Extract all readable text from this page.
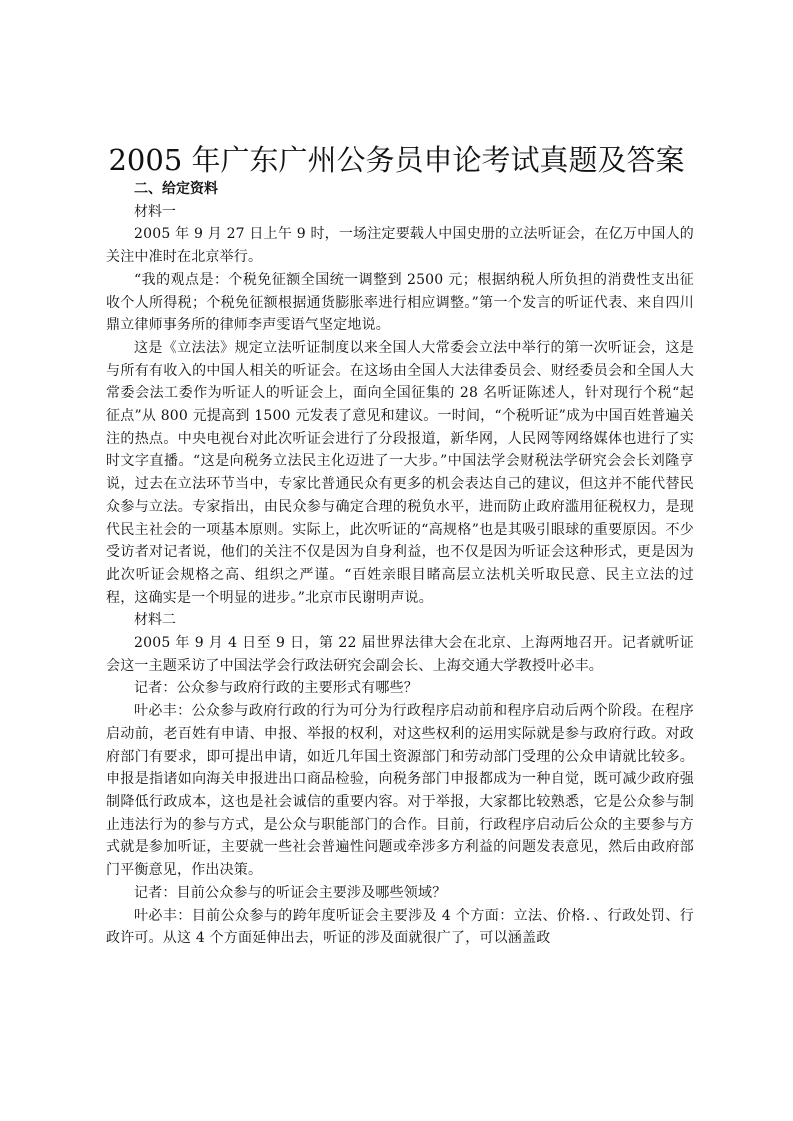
2005 年广东广州公务员申论考试真题及答案

二、给定资料

材料一

2005 年 9 月 27 日上午 9 时，一场注定要载人中国史册的立法听证会，在亿万中国人的关注中准时在北京举行。

“我的观点是：个税免征额全国统一调整到 2500 元；根据纳税人所负担的消费性支出征收个人所得税；个税免征额根据通货膨胀率进行相应调整。”第一个发言的听证代表、来自四川鼎立律师事务所的律师李声雯语气坚定地说。

这是《立法法》规定立法听证制度以来全国人大常委会立法中举行的第一次听证会，这是与所有有收入的中国人相关的听证会。在这场由全国人大法律委员会、财经委员会和全国人大常委会法工委作为听证人的听证会上，面向全国征集的 28 名听证陈述人，针对现行个税“起征点”从 800 元提高到 1500 元发表了意见和建议。一时间，“个税听证”成为中国百姓普遍关注的热点。中央电视台对此次听证会进行了分段报道，新华网，人民网等网络媒体也进行了实时文字直播。“这是向税务立法民主化迈进了一大步。”中国法学会财税法学研究会会长刘隆亨说，过去在立法环节当中，专家比普通民众有更多的机会表达自己的建议，但这并不能代替民众参与立法。专家指出，由民众参与确定合理的税负水平，进而防止政府滥用征税权力，是现代民主社会的一项基本原则。实际上，此次听证的“高规格”也是其吸引眼球的重要原因。不少受访者对记者说，他们的关注不仅是因为自身利益，也不仅是因为听证会这种形式，更是因为此次听证会规格之高、组织之严谨。“百姓亲眼目睹高层立法机关听取民意、民主立法的过程，这确实是一个明显的进步。”北京市民谢明声说。

材料二

2005 年 9 月 4 日至 9 日，第 22 届世界法律大会在北京、上海两地召开。记者就听证会这一主题采访了中国法学会行政法研究会副会长、上海交通大学教授叶必丰。

记者：公众参与政府行政的主要形式有哪些？

叶必丰：公众参与政府行政的行为可分为行政程序启动前和程序启动后两个阶段。在程序启动前，老百姓有申请、申报、举报的权利，对这些权利的运用实际就是参与政府行政。对政府部门有要求，即可提出申请，如近几年国土资源部门和劳动部门受理的公众申请就比较多。申报是指诸如向海关申报进出口商品检验，向税务部门申报都成为一种自觉，既可减少政府强制降低行政成本，这也是社会诚信的重要内容。对于举报，大家都比较熟悉，它是公众参与制止违法行为的参与方式，是公众与职能部门的合作。目前，行政程序启动后公众的主要参与方式就是参加听证，主要就一些社会普遍性问题或牵涉多方利益的问题发表意见，然后由政府部门平衡意见，作出决策。

记者：目前公众参与的听证会主要涉及哪些领域？

叶必丰：目前公众参与的跨年度听证会主要涉及 4 个方面：立法、价格．、行政处罚、行政许可。从这 4 个方面延伸出去，听证的涉及面就很广了，可以涵盖政
